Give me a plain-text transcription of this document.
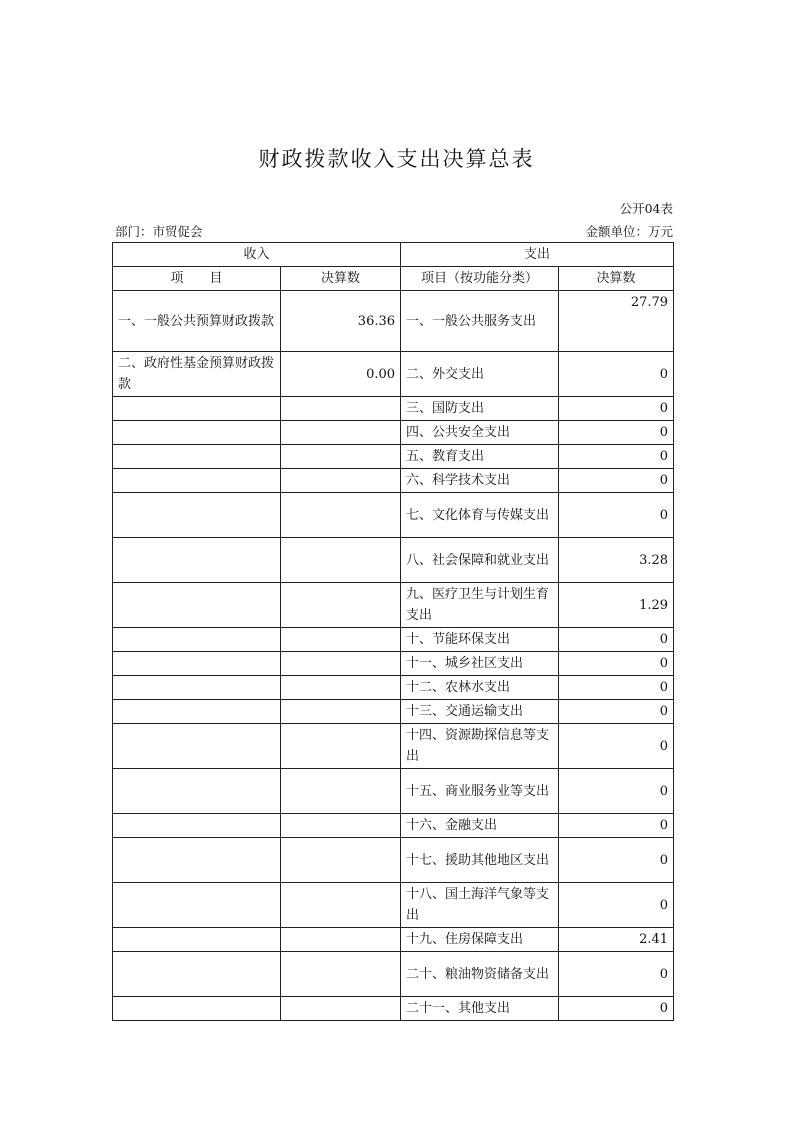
财政拨款收入支出决算总表
公开04表
部门：市贸促会	金额单位：万元
收入		支出	
项　　目	决算数	项目（按功能分类）	决算数
一、一般公共预算财政拨款	36.36	一、一般公共服务支出	27.79
二、政府性基金预算财政拨款	0.00	二、外交支出	0
		三、国防支出	0
		四、公共安全支出	0
		五、教育支出	0
		六、科学技术支出	0
		七、文化体育与传媒支出	0
		八、社会保障和就业支出	3.28
		九、医疗卫生与计划生育支出	1.29
		十、节能环保支出	0
		十一、城乡社区支出	0
		十二、农林水支出	0
		十三、交通运输支出	0
		十四、资源勘探信息等支出	0
		十五、商业服务业等支出	0
		十六、金融支出	0
		十七、援助其他地区支出	0
		十八、国土海洋气象等支出	0
		十九、住房保障支出	2.41
		二十、粮油物资储备支出	0
		二十一、其他支出	0
